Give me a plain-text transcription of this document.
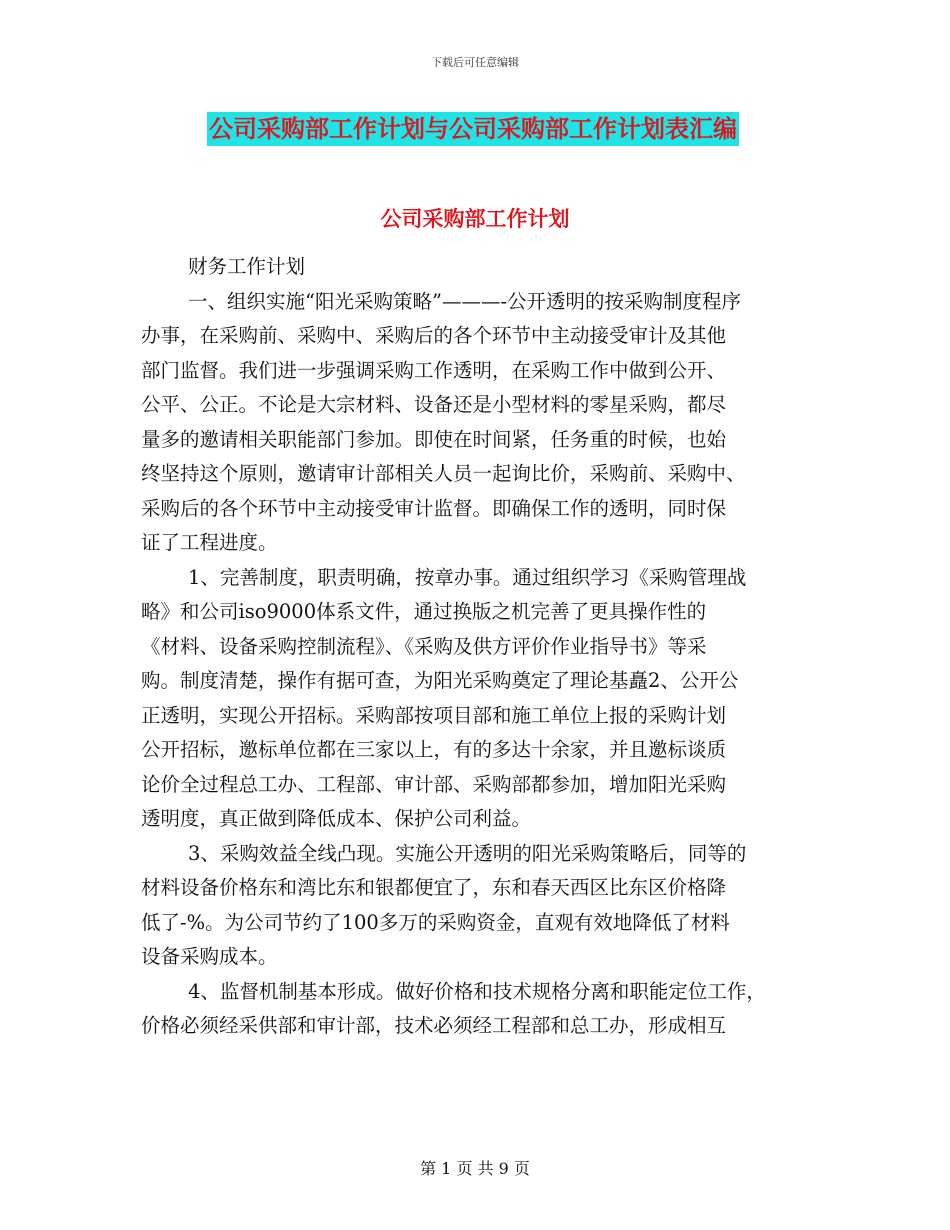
下载后可任意编辑
公司采购部工作计划与公司采购部工作计划表汇编
公司采购部工作计划
财务工作计划
一、组织实施“阳光采购策略”———-公开透明的按采购制度程序
办事，在采购前、采购中、采购后的各个环节中主动接受审计及其他
部门监督。我们进一步强调采购工作透明，在采购工作中做到公开、
公平、公正。不论是大宗材料、设备还是小型材料的零星采购，都尽
量多的邀请相关职能部门参加。即使在时间紧，任务重的时候，也始
终坚持这个原则，邀请审计部相关人员一起询比价，采购前、采购中、
采购后的各个环节中主动接受审计监督。即确保工作的透明，同时保
证了工程进度。
1、完善制度，职责明确，按章办事。通过组织学习《采购管理战
略》和公司iso9000体系文件，通过换版之机完善了更具操作性的
《材料、设备采购控制流程》、《采购及供方评价作业指导书》等采
购。制度清楚，操作有据可查，为阳光采购奠定了理论基矗2、公开公
正透明，实现公开招标。采购部按项目部和施工单位上报的采购计划
公开招标，邀标单位都在三家以上，有的多达十余家，并且邀标谈质
论价全过程总工办、工程部、审计部、采购部都参加，增加阳光采购
透明度，真正做到降低成本、保护公司利益。
3、采购效益全线凸现。实施公开透明的阳光采购策略后，同等的
材料设备价格东和湾比东和银都便宜了，东和春天西区比东区价格降
低了-%。为公司节约了100多万的采购资金，直观有效地降低了材料
设备采购成本。
4、监督机制基本形成。做好价格和技术规格分离和职能定位工作，
价格必须经采供部和审计部，技术必须经工程部和总工办，形成相互
第 1 页 共 9 页
